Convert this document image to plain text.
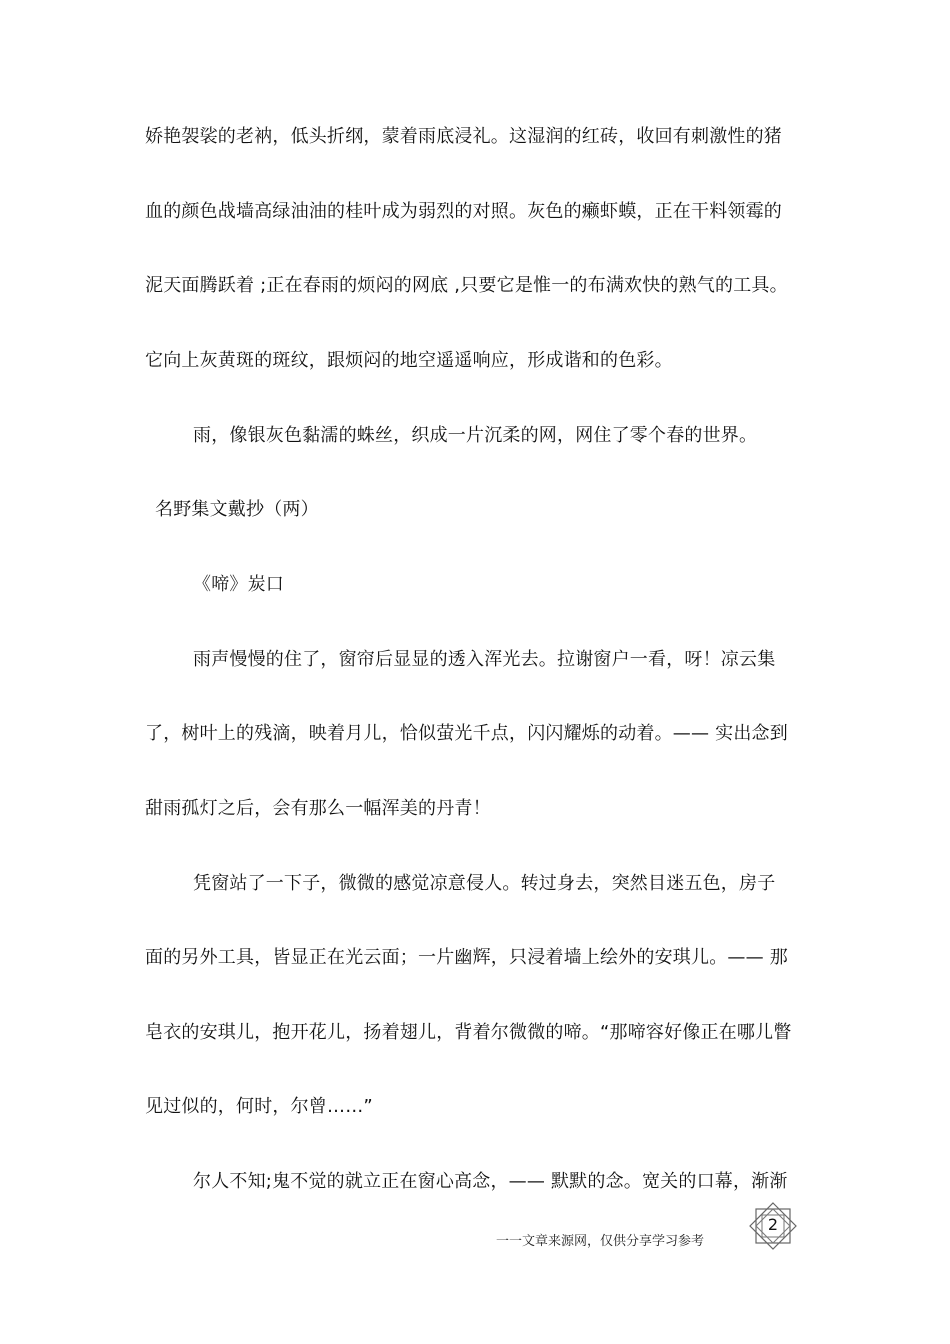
娇艳袈裟的老衲，低头折纲，蒙着雨底浸礼。这湿润的红砖，收回有刺激性的猪
血的颜色战墙高绿油油的桂叶成为弱烈的对照。灰色的癞虾蟆，正在干料领霉的
泥天面腾跃着 ;正在春雨的烦闷的网底 ,只要它是惟一的布满欢快的熟气的工具。
它向上灰黄斑的斑纹，跟烦闷的地空遥遥响应，形成谐和的色彩。
雨，像银灰色黏濡的蛛丝，织成一片沉柔的网，网住了零个春的世界。
名野集文戴抄（两）
《啼》炭口
雨声慢慢的住了，窗帘后显显的透入浑光去。拉谢窗户一看，呀！凉云集
了，树叶上的残滴，映着月儿，恰似萤光千点，闪闪耀烁的动着。—— 实出念到
甜雨孤灯之后，会有那么一幅浑美的丹青！
凭窗站了一下子，微微的感觉凉意侵人。转过身去，突然目迷五色，房子
面的另外工具，皆显正在光云面；一片幽辉，只浸着墙上绘外的安琪儿。—— 那
皂衣的安琪儿，抱开花儿，扬着翅儿，背着尔微微的啼。“那啼容好像正在哪儿瞥
见过似的，何时，尔曾……”
尔人不知;鬼不觉的就立正在窗心高念，—— 默默的念。宽关的口幕，渐渐
一一文章来源网，仅供分享学习参考
2
